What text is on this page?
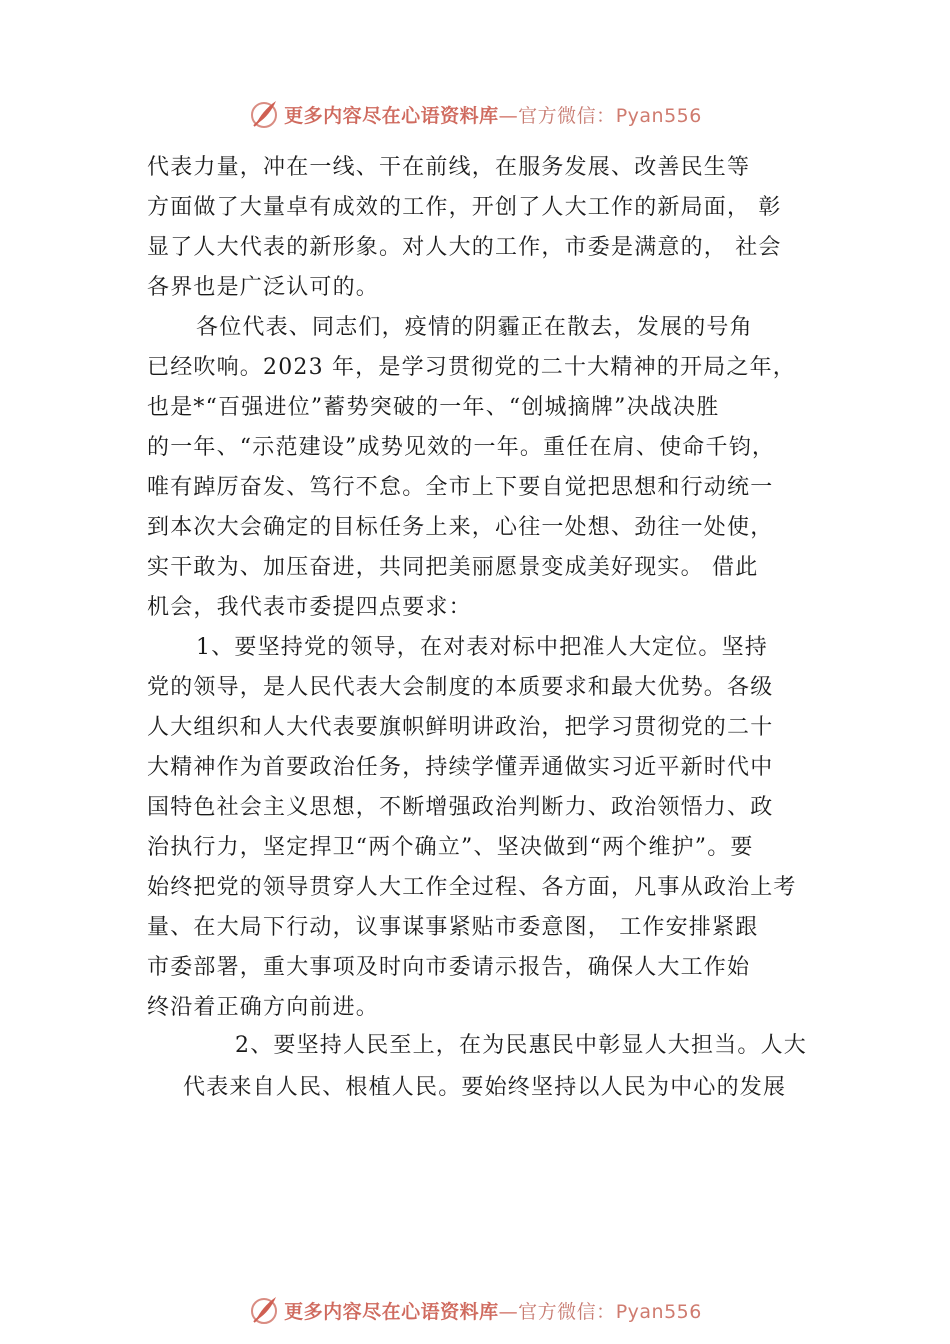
更多内容尽在心语资料库—官方微信：Pyan556
代表力量，冲在一线、干在前线，在服务发展、改善民生等
方面做了大量卓有成效的工作，开创了人大工作的新局面， 彰
显了人大代表的新形象。对人大的工作，市委是满意的， 社会
各界也是广泛认可的。
各位代表、同志们，疫情的阴霾正在散去，发展的号角
已经吹响。2023 年，是学习贯彻党的二十大精神的开局之年，
也是*“百强进位”蓄势突破的一年、“创城摘牌”决战决胜
的一年、“示范建设”成势见效的一年。重任在肩、使命千钧，
唯有踔厉奋发、笃行不怠。全市上下要自觉把思想和行动统一
到本次大会确定的目标任务上来，心往一处想、劲往一处使，
实干敢为、加压奋进，共同把美丽愿景变成美好现实。 借此
机会，我代表市委提四点要求：
1、要坚持党的领导，在对表对标中把准人大定位。坚持
党的领导，是人民代表大会制度的本质要求和最大优势。各级
人大组织和人大代表要旗帜鲜明讲政治，把学习贯彻党的二十
大精神作为首要政治任务，持续学懂弄通做实习近平新时代中
国特色社会主义思想，不断增强政治判断力、政治领悟力、政
治执行力，坚定捍卫“两个确立”、坚决做到“两个维护”。要
始终把党的领导贯穿人大工作全过程、各方面，凡事从政治上考
量、在大局下行动，议事谋事紧贴市委意图， 工作安排紧跟
市委部署，重大事项及时向市委请示报告，确保人大工作始
终沿着正确方向前进。
2、要坚持人民至上，在为民惠民中彰显人大担当。人大
代表来自人民、根植人民。要始终坚持以人民为中心的发展
更多内容尽在心语资料库—官方微信：Pyan556
